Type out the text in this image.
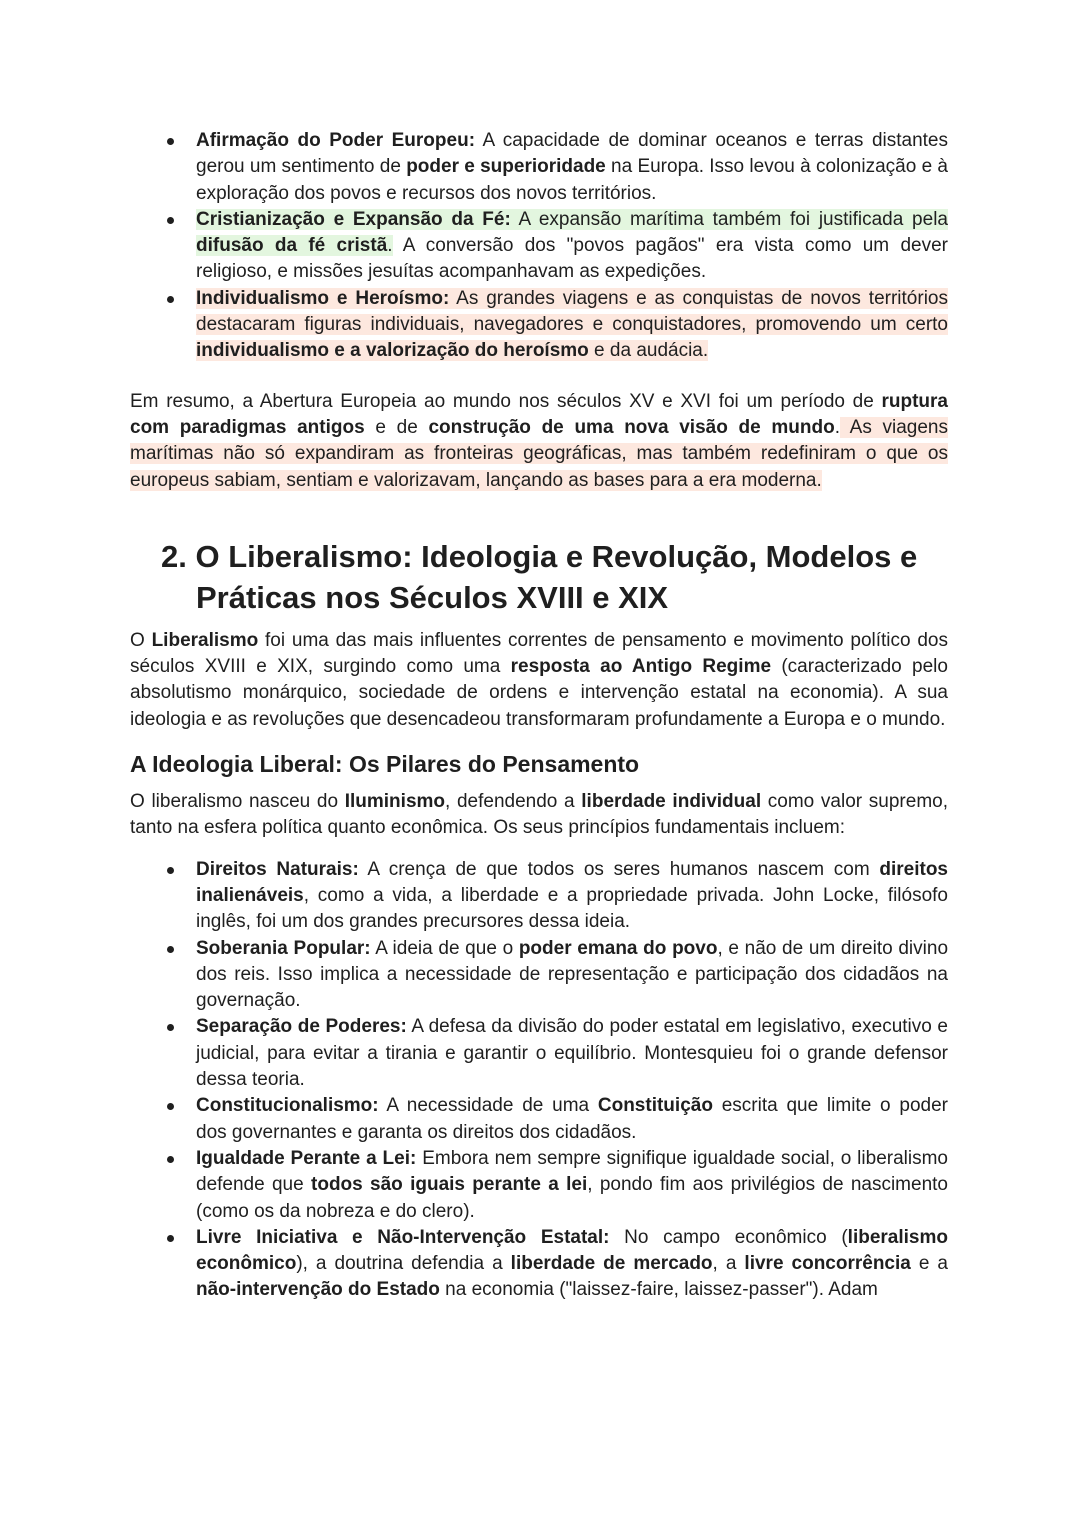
Afirmação do Poder Europeu: A capacidade de dominar oceanos e terras distantes gerou um sentimento de poder e superioridade na Europa. Isso levou à colonização e à exploração dos povos e recursos dos novos territórios.
Cristianização e Expansão da Fé: A expansão marítima também foi justificada pela difusão da fé cristã. A conversão dos "povos pagãos" era vista como um dever religioso, e missões jesuítas acompanhavam as expedições.
Individualismo e Heroísmo: As grandes viagens e as conquistas de novos territórios destacaram figuras individuais, navegadores e conquistadores, promovendo um certo individualismo e a valorização do heroísmo e da audácia.

Em resumo, a Abertura Europeia ao mundo nos séculos XV e XVI foi um período de ruptura com paradigmas antigos e de construção de uma nova visão de mundo. As viagens marítimas não só expandiram as fronteiras geográficas, mas também redefiniram o que os europeus sabiam, sentiam e valorizavam, lançando as bases para a era moderna.

2. O Liberalismo: Ideologia e Revolução, Modelos e Práticas nos Séculos XVIII e XIX

O Liberalismo foi uma das mais influentes correntes de pensamento e movimento político dos séculos XVIII e XIX, surgindo como uma resposta ao Antigo Regime (caracterizado pelo absolutismo monárquico, sociedade de ordens e intervenção estatal na economia). A sua ideologia e as revoluções que desencadeou transformaram profundamente a Europa e o mundo.

A Ideologia Liberal: Os Pilares do Pensamento

O liberalismo nasceu do Iluminismo, defendendo a liberdade individual como valor supremo, tanto na esfera política quanto econômica. Os seus princípios fundamentais incluem:

Direitos Naturais: A crença de que todos os seres humanos nascem com direitos inalienáveis, como a vida, a liberdade e a propriedade privada. John Locke, filósofo inglês, foi um dos grandes precursores dessa ideia.
Soberania Popular: A ideia de que o poder emana do povo, e não de um direito divino dos reis. Isso implica a necessidade de representação e participação dos cidadãos na governação.
Separação de Poderes: A defesa da divisão do poder estatal em legislativo, executivo e judicial, para evitar a tirania e garantir o equilíbrio. Montesquieu foi o grande defensor dessa teoria.
Constitucionalismo: A necessidade de uma Constituição escrita que limite o poder dos governantes e garanta os direitos dos cidadãos.
Igualdade Perante a Lei: Embora nem sempre signifique igualdade social, o liberalismo defende que todos são iguais perante a lei, pondo fim aos privilégios de nascimento (como os da nobreza e do clero).
Livre Iniciativa e Não-Intervenção Estatal: No campo econômico (liberalismo econômico), a doutrina defendia a liberdade de mercado, a livre concorrência e a não-intervenção do Estado na economia ("laissez-faire, laissez-passer"). Adam
